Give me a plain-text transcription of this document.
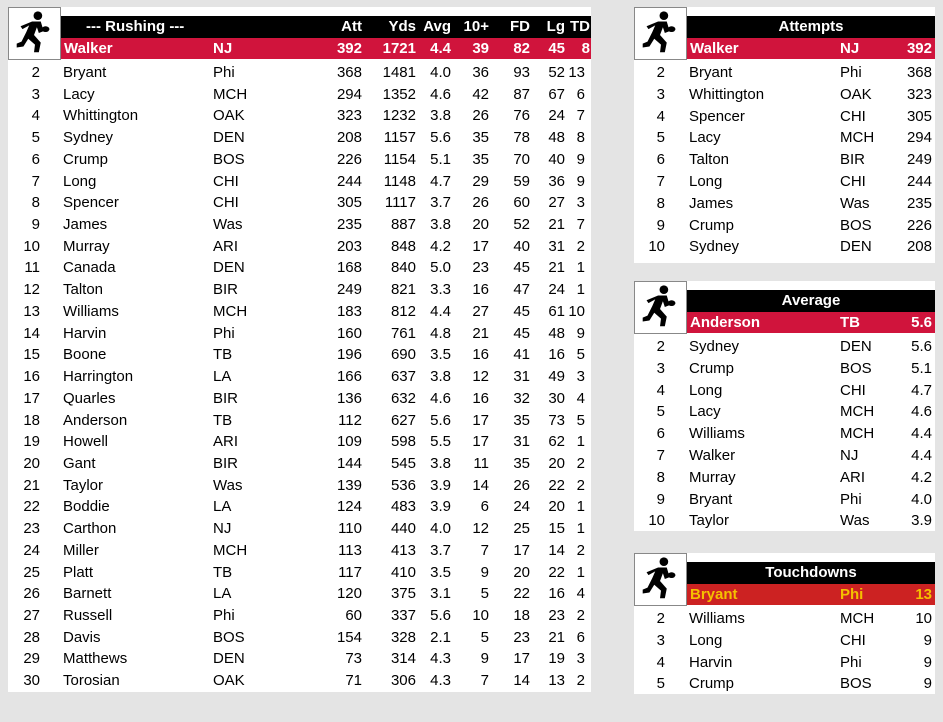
--- Rushing ---	Att	Yds Avg 10+	FD	Lg TD
Walker	NJ	392	1721 4.4	39	82	45	8
2 Bryant	Phi	368	1481 4.0	36	93	52 13
3 Lacy	MCH	294	1352 4.6	42	87	67 6
4 Whittington	OAK	323	1232 3.8	26	76	24 7
5 Sydney	DEN	208	1157 5.6	35	78	48 8
6 Crump	BOS	226	1154 5.1	35	70	40 9
7 Long	CHI	244	1148 4.7	29	59	36 9
8 Spencer	CHI	305	1117 3.7	26	60	27 3
9 James	Was	235	887 3.8	20	52	21 7
10 Murray	ARI	203	848 4.2	17	40	31 2
11 Canada	DEN	168	840 5.0	23	45	21 1
12 Talton	BIR	249	821 3.3	16	47	24 1
13 Williams	MCH	183	812 4.4	27	45	61 10
14 Harvin	Phi	160	761 4.8	21	45	48 9
15 Boone	TB	196	690 3.5	16	41	16 5
16 Harrington	LA	166	637 3.8	12	31	49 3
17 Quarles	BIR	136	632 4.6	16	32	30 4
18 Anderson	TB	112	627 5.6	17	35	73 5
19 Howell	ARI	109	598 5.5	17	31	62 1
20 Gant	BIR	144	545 3.8	11	35	20 2
21 Taylor	Was	139	536 3.9	14	26	22 2
22 Boddie	LA	124	483 3.9	6	24	20 1
23 Carthon	NJ	110	440 4.0	12	25	15 1
24 Miller	MCH	113	413 3.7	7	17	14 2
25 Platt	TB	117	410 3.5	9	20	22 1
26 Barnett	LA	120	375 3.1	5	22	16 4
27 Russell	Phi	60	337 5.6	10	18	23 2
28 Davis	BOS	154	328 2.1	5	23	21 6
29 Matthews	DEN	73	314 4.3	9	17	19 3
30 Torosian	OAK	71	306 4.3	7	14	13 2
Attempts
Walker	NJ	392
2 Bryant	Phi	368
3 Whittington	OAK	323
4 Spencer	CHI	305
5 Lacy	MCH	294
6 Talton	BIR	249
7 Long	CHI	244
8 James	Was	235
9 Crump	BOS	226
10 Sydney	DEN	208
Average
Anderson	TB	5.6
2 Sydney	DEN	5.6
3 Crump	BOS	5.1
4 Long	CHI	4.7
5 Lacy	MCH	4.6
6 Williams	MCH	4.4
7 Walker	NJ	4.4
8 Murray	ARI	4.2
9 Bryant	Phi	4.0
10 Taylor	Was	3.9
Touchdowns
Bryant	Phi	13
2 Williams	MCH	10
3 Long	CHI	9
4 Harvin	Phi	9
5 Crump	BOS	9
